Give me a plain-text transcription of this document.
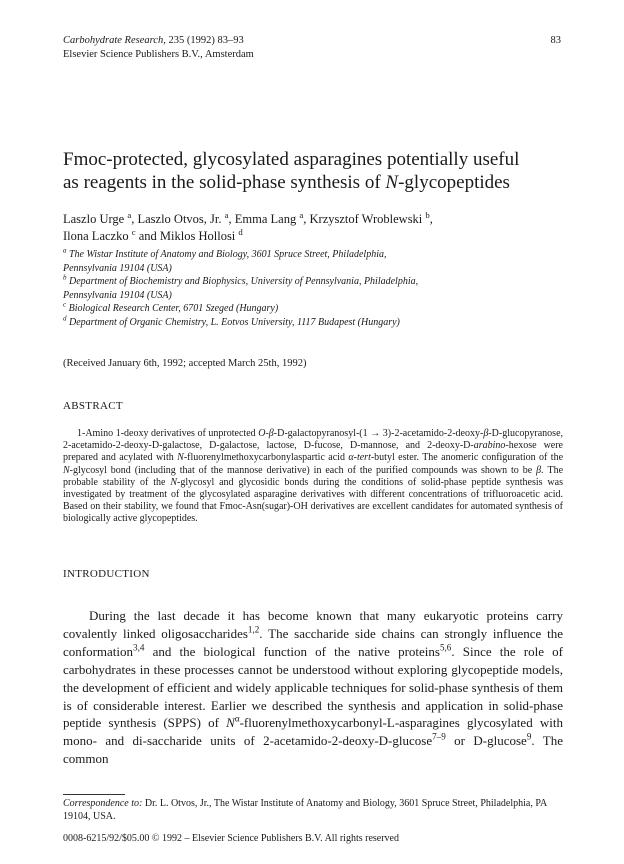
Carbohydrate Research, 235 (1992) 83–93
Elsevier Science Publishers B.V., Amsterdam
83
Fmoc-protected, glycosylated asparagines potentially useful
as reagents in the solid-phase synthesis of N-glycopeptides
Laszlo Urge $^a$, Laszlo Otvos, Jr. $^a$, Emma Lang $^a$, Krzysztof Wroblewski $^b$,
Ilona Laczko $^c$ and Miklos Hollosi $^d$
$^a$ The Wistar Institute of Anatomy and Biology, 3601 Spruce Street, Philadelphia,
Pennsylvania 19104 (USA)
$^b$ Department of Biochemistry and Biophysics, University of Pennsylvania, Philadelphia,
Pennsylvania 19104 (USA)
$^c$ Biological Research Center, 6701 Szeged (Hungary)
$^d$ Department of Organic Chemistry, L. Eotvos University, 1117 Budapest (Hungary)
(Received January 6th, 1992; accepted March 25th, 1992)
ABSTRACT
1-Amino 1-deoxy derivatives of unprotected O-β-D-galactopyranosyl-(1 → 3)-2-acetamido-2-deoxy-β-D-glucopyranose, 2-acetamido-2-deoxy-D-galactose, D-galactose, lactose, D-fucose, D-mannose, and 2-deoxy-D-arabino-hexose were prepared and acylated with N-fluorenylmethoxycarbonylaspartic acid α-tert-butyl ester. The anomeric configuration of the N-glycosyl bond (including that of the mannose derivative) in each of the purified compounds was shown to be β. The probable stability of the N-glycosyl and glycosidic bonds during the conditions of solid-phase peptide synthesis was investigated by treatment of the glycosylated asparagine derivatives with different concentrations of trifluoroacetic acid. Based on their stability, we found that Fmoc-Asn(sugar)-OH derivatives are excellent candidates for automated synthesis of biologically active glycopeptides.
INTRODUCTION
During the last decade it has become known that many eukaryotic proteins carry covalently linked oligosaccharides$^{1,2}$. The saccharide side chains can strongly influence the conformation$^{3,4}$ and the biological function of the native proteins$^{5,6}$. Since the role of carbohydrates in these processes cannot be understood without exploring glycopeptide models, the development of efficient and widely applicable techniques for solid-phase synthesis of them is of considerable interest. Earlier we described the synthesis and application in solid-phase peptide synthesis (SPPS) of $N^\alpha-fluorenylmethoxycarbonyl-L$-asparagines glycosylated with mono- and di-saccharide units of 2-acetamido-2-deoxy-D-glucose$^{7-9}$ or D-glucose$^9$. The common
Correspondence to: Dr. L. Otvos, Jr., The Wistar Institute of Anatomy and Biology, 3601 Spruce Street, Philadelphia, PA 19104, USA.
0008-6215/92/$05.00 © 1992 – Elsevier Science Publishers B.V. All rights reserved
